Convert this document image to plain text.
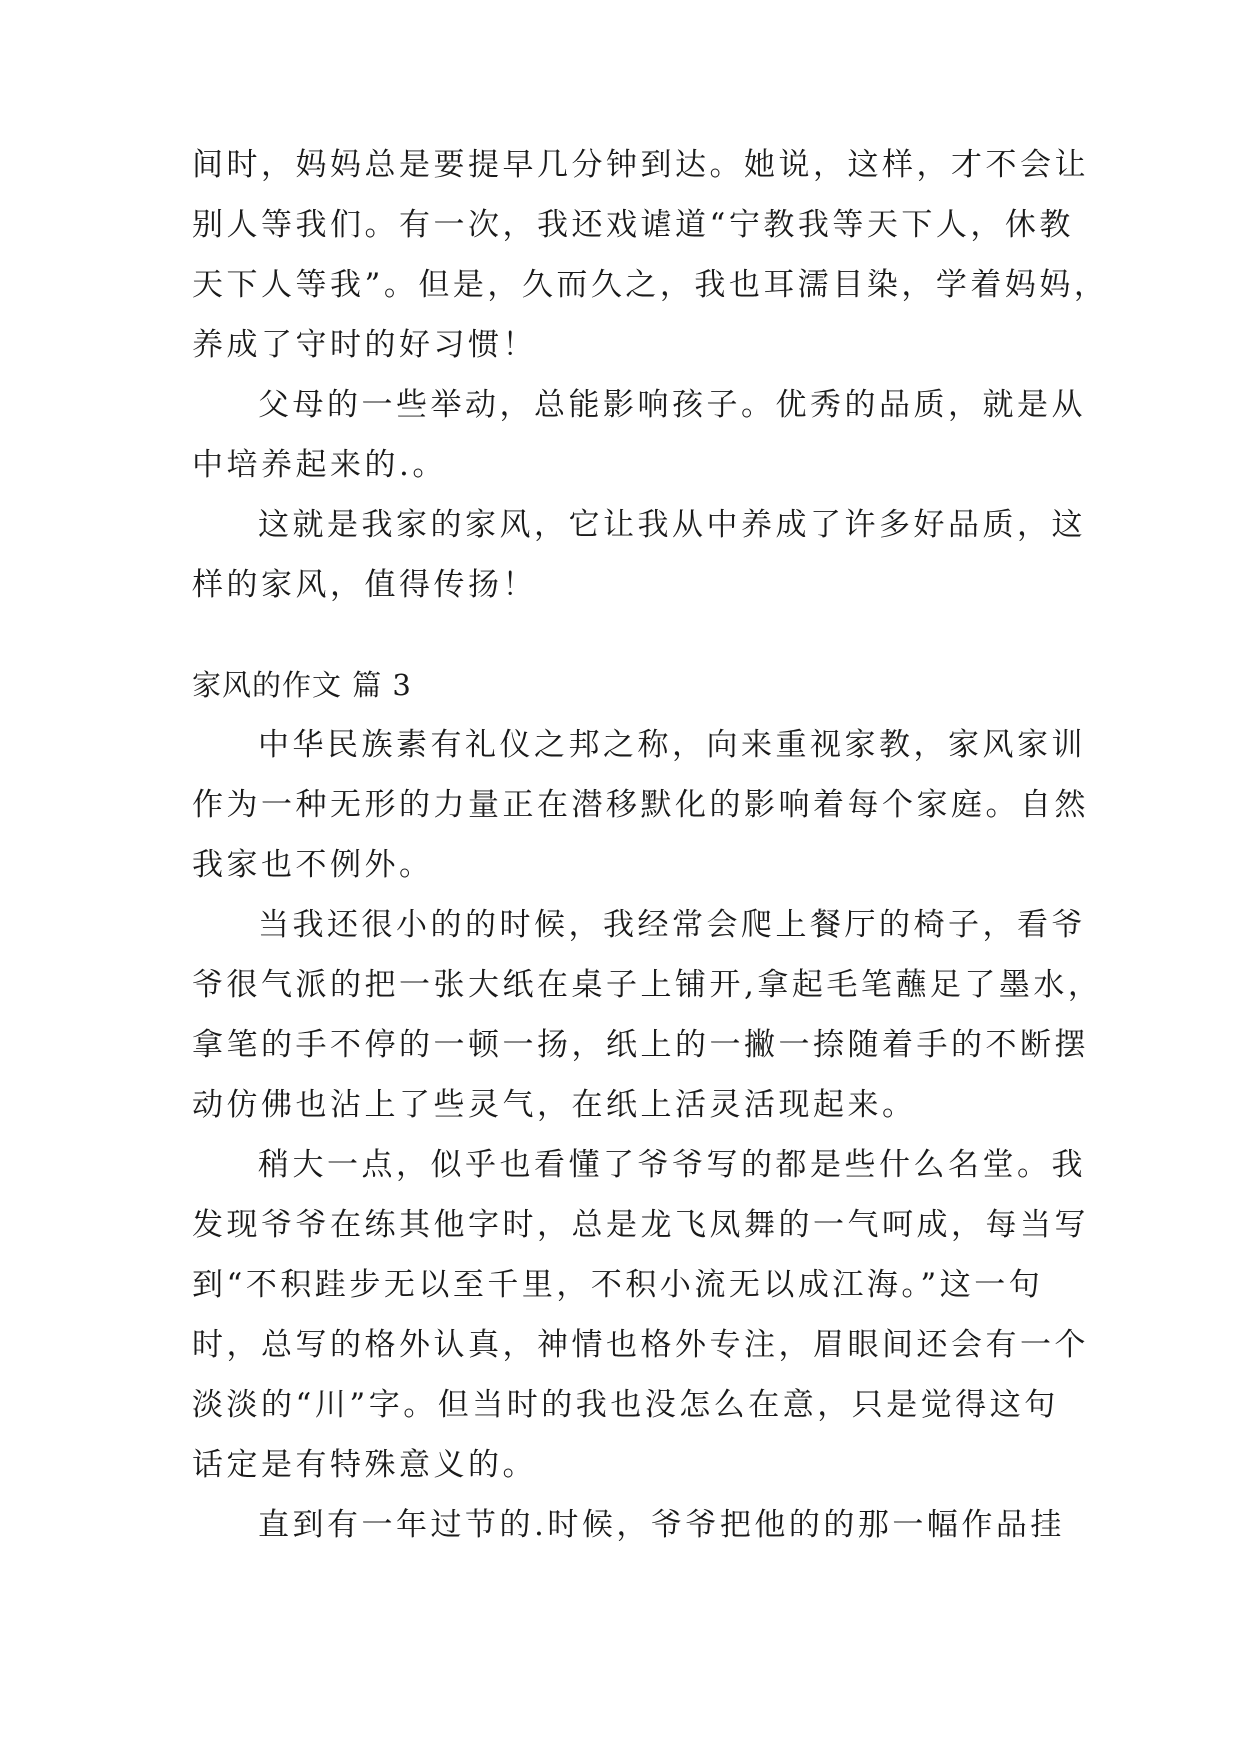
间时，妈妈总是要提早几分钟到达。她说，这样，才不会让
别人等我们。有一次，我还戏谑道“宁教我等天下人，休教
天下人等我”。但是，久而久之，我也耳濡目染，学着妈妈，
养成了守时的好习惯！
父母的一些举动，总能影响孩子。优秀的品质，就是从
中培养起来的.。
这就是我家的家风，它让我从中养成了许多好品质，这
样的家风，值得传扬！
家风的作文 篇 3
中华民族素有礼仪之邦之称，向来重视家教，家风家训
作为一种无形的力量正在潜移默化的影响着每个家庭。自然
我家也不例外。
当我还很小的的时候，我经常会爬上餐厅的椅子，看爷
爷很气派的把一张大纸在桌子上铺开,拿起毛笔蘸足了墨水，
拿笔的手不停的一顿一扬，纸上的一撇一捺随着手的不断摆
动仿佛也沾上了些灵气，在纸上活灵活现起来。
稍大一点，似乎也看懂了爷爷写的都是些什么名堂。我
发现爷爷在练其他字时，总是龙飞凤舞的一气呵成，每当写
到“不积跬步无以至千里，不积小流无以成江海。”这一句
时，总写的格外认真，神情也格外专注，眉眼间还会有一个
淡淡的“川”字。但当时的我也没怎么在意，只是觉得这句
话定是有特殊意义的。
直到有一年过节的.时候，爷爷把他的的那一幅作品挂
